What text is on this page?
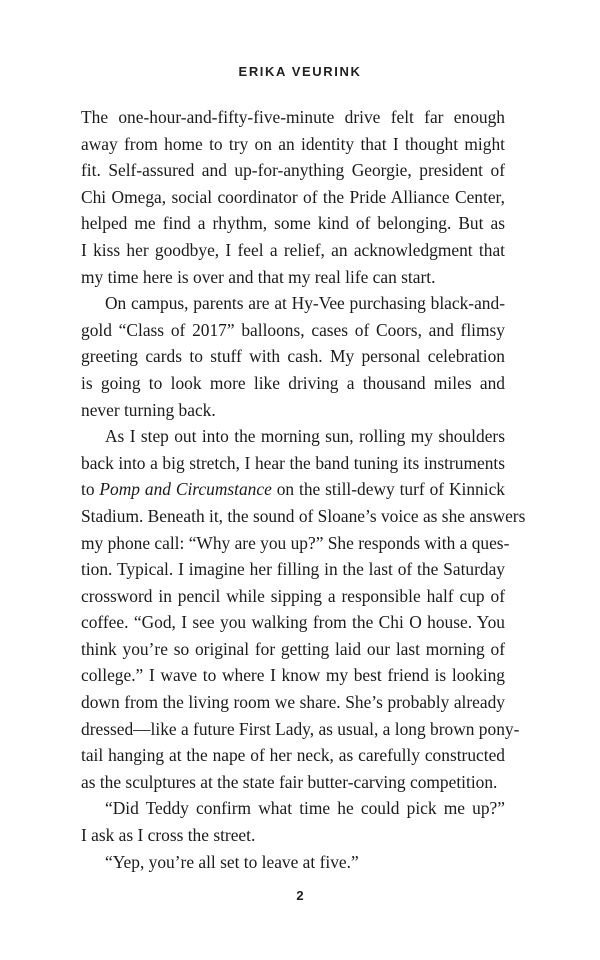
ERIKA VEURINK
The one-hour-and-fifty-five-minute drive felt far enough
away from home to try on an identity that I thought might
fit. Self-assured and up-for-anything Georgie, president of
Chi Omega, social coordinator of the Pride Alliance Center,
helped me find a rhythm, some kind of belonging. But as
I kiss her goodbye, I feel a relief, an acknowledgment that
my time here is over and that my real life can start.
On campus, parents are at Hy-Vee purchasing black-and-
gold “Class of 2017” balloons, cases of Coors, and flimsy
greeting cards to stuff with cash. My personal celebration
is going to look more like driving a thousand miles and
never turning back.
As I step out into the morning sun, rolling my shoulders
back into a big stretch, I hear the band tuning its instruments
to Pomp and Circumstance on the still-dewy turf of Kinnick
Stadium. Beneath it, the sound of Sloane’s voice as she answers
my phone call: “Why are you up?” She responds with a ques-
tion. Typical. I imagine her filling in the last of the Saturday
crossword in pencil while sipping a responsible half cup of
coffee. “God, I see you walking from the Chi O house. You
think you’re so original for getting laid our last morning of
college.” I wave to where I know my best friend is looking
down from the living room we share. She’s probably already
dressed—like a future First Lady, as usual, a long brown pony-
tail hanging at the nape of her neck, as carefully constructed
as the sculptures at the state fair butter-carving competition.
“Did Teddy confirm what time he could pick me up?”
I ask as I cross the street.
“Yep, you’re all set to leave at five.”
2
